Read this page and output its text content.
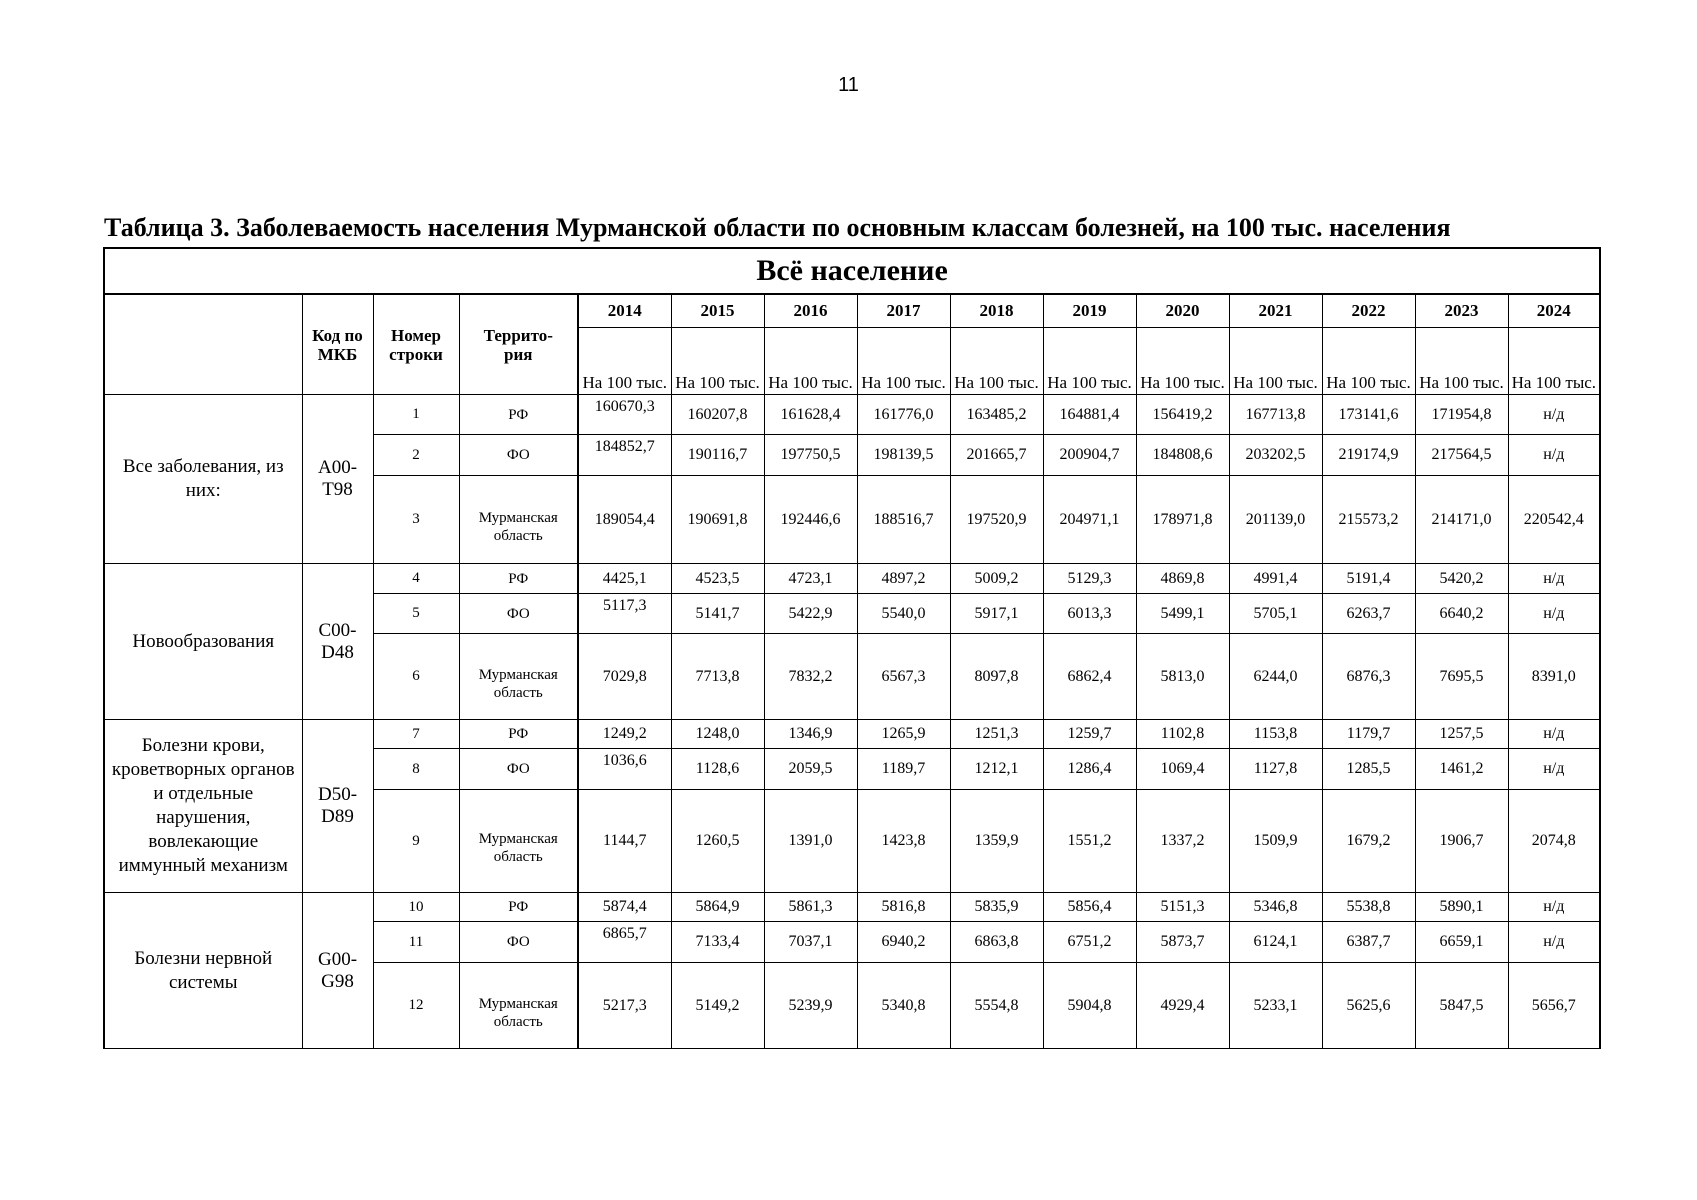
11
Таблица 3. Заболеваемость населения Мурманской области по основным классам болезней, на 100 тыс. населения
Всё население														
	Код по МКБ	Номер строки	Террито-рия	2014	2015	2016	2017	2018	2019	2020	2021	2022	2023	2024
				На 100 тыс.	На 100 тыс.	На 100 тыс.	На 100 тыс.	На 100 тыс.	На 100 тыс.	На 100 тыс.	На 100 тыс.	На 100 тыс.	На 100 тыс.	На 100 тыс.
Все заболевания, из них:	A00-T98	1	РФ	160670,3	160207,8	161628,4	161776,0	163485,2	164881,4	156419,2	167713,8	173141,6	171954,8	н/д
		2	ФО	184852,7	190116,7	197750,5	198139,5	201665,7	200904,7	184808,6	203202,5	219174,9	217564,5	н/д
		3	Мурманская область	189054,4	190691,8	192446,6	188516,7	197520,9	204971,1	178971,8	201139,0	215573,2	214171,0	220542,4
Новообразования	C00-D48	4	РФ	4425,1	4523,5	4723,1	4897,2	5009,2	5129,3	4869,8	4991,4	5191,4	5420,2	н/д
		5	ФО	5117,3	5141,7	5422,9	5540,0	5917,1	6013,3	5499,1	5705,1	6263,7	6640,2	н/д
		6	Мурманская область	7029,8	7713,8	7832,2	6567,3	8097,8	6862,4	5813,0	6244,0	6876,3	7695,5	8391,0
Болезни крови, кроветворных органов и отдельные нарушения, вовлекающие иммунный механизм	D50-D89	7	РФ	1249,2	1248,0	1346,9	1265,9	1251,3	1259,7	1102,8	1153,8	1179,7	1257,5	н/д
		8	ФО	1036,6	1128,6	2059,5	1189,7	1212,1	1286,4	1069,4	1127,8	1285,5	1461,2	н/д
		9	Мурманская область	1144,7	1260,5	1391,0	1423,8	1359,9	1551,2	1337,2	1509,9	1679,2	1906,7	2074,8
Болезни нервной системы	G00-G98	10	РФ	5874,4	5864,9	5861,3	5816,8	5835,9	5856,4	5151,3	5346,8	5538,8	5890,1	н/д
		11	ФО	6865,7	7133,4	7037,1	6940,2	6863,8	6751,2	5873,7	6124,1	6387,7	6659,1	н/д
		12	Мурманская область	5217,3	5149,2	5239,9	5340,8	5554,8	5904,8	4929,4	5233,1	5625,6	5847,5	5656,7
